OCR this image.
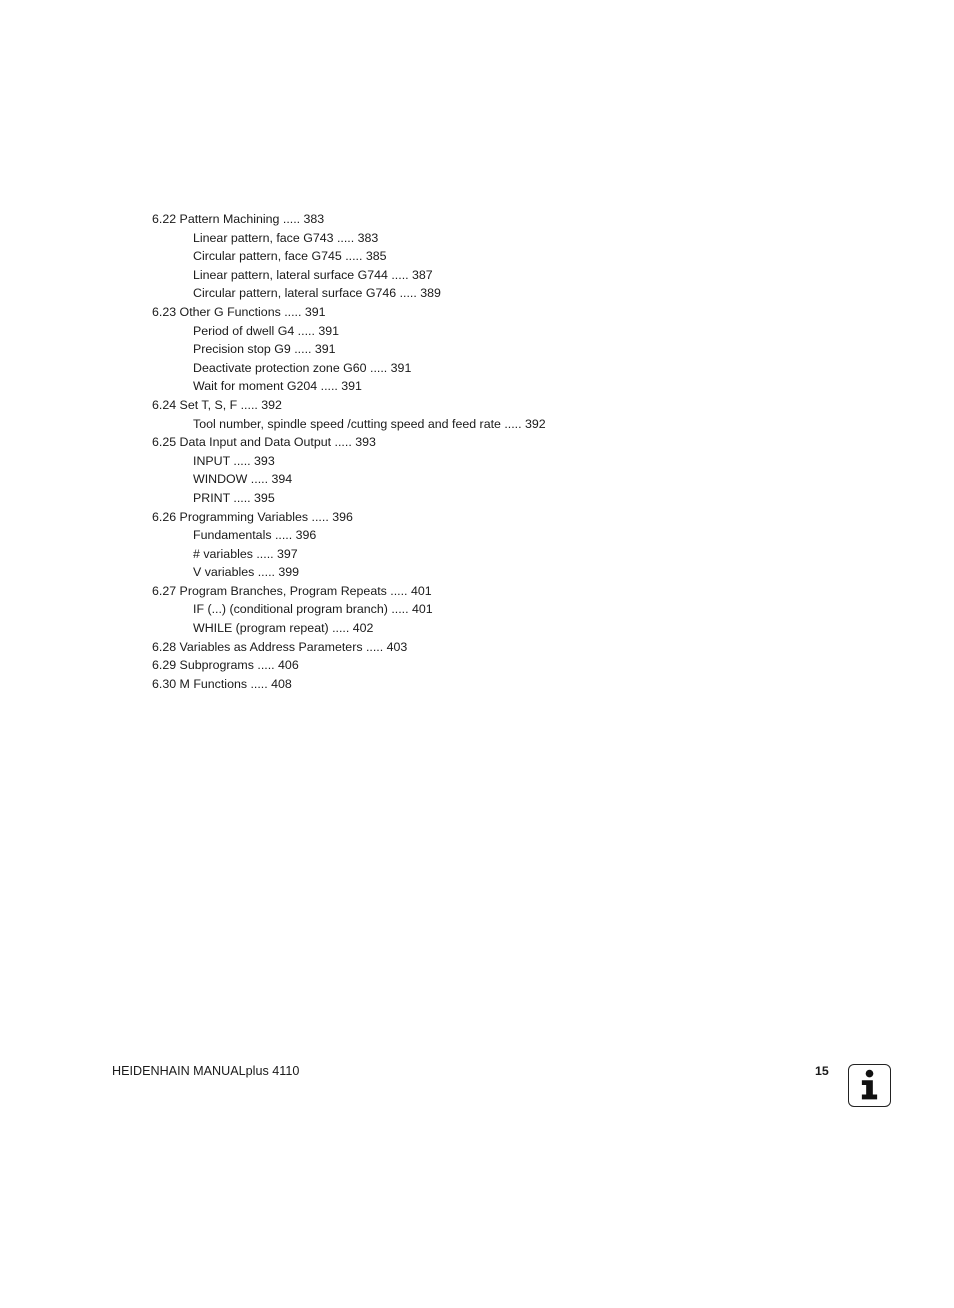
6.22 Pattern Machining ..... 383
Linear pattern, face G743 ..... 383
Circular pattern, face G745 ..... 385
Linear pattern, lateral surface G744 ..... 387
Circular pattern, lateral surface G746 ..... 389
6.23 Other G Functions ..... 391
Period of dwell G4 ..... 391
Precision stop G9 ..... 391
Deactivate protection zone G60 ..... 391
Wait for moment G204 ..... 391
6.24 Set T, S, F ..... 392
Tool number, spindle speed /cutting speed and feed rate ..... 392
6.25 Data Input and Data Output ..... 393
INPUT ..... 393
WINDOW ..... 394
PRINT ..... 395
6.26 Programming Variables ..... 396
Fundamentals ..... 396
# variables ..... 397
V variables ..... 399
6.27 Program Branches, Program Repeats ..... 401
IF (...) (conditional program branch) ..... 401
WHILE (program repeat) ..... 402
6.28 Variables as Address Parameters ..... 403
6.29 Subprograms ..... 406
6.30 M Functions ..... 408
HEIDENHAIN MANUALplus 4110	15
